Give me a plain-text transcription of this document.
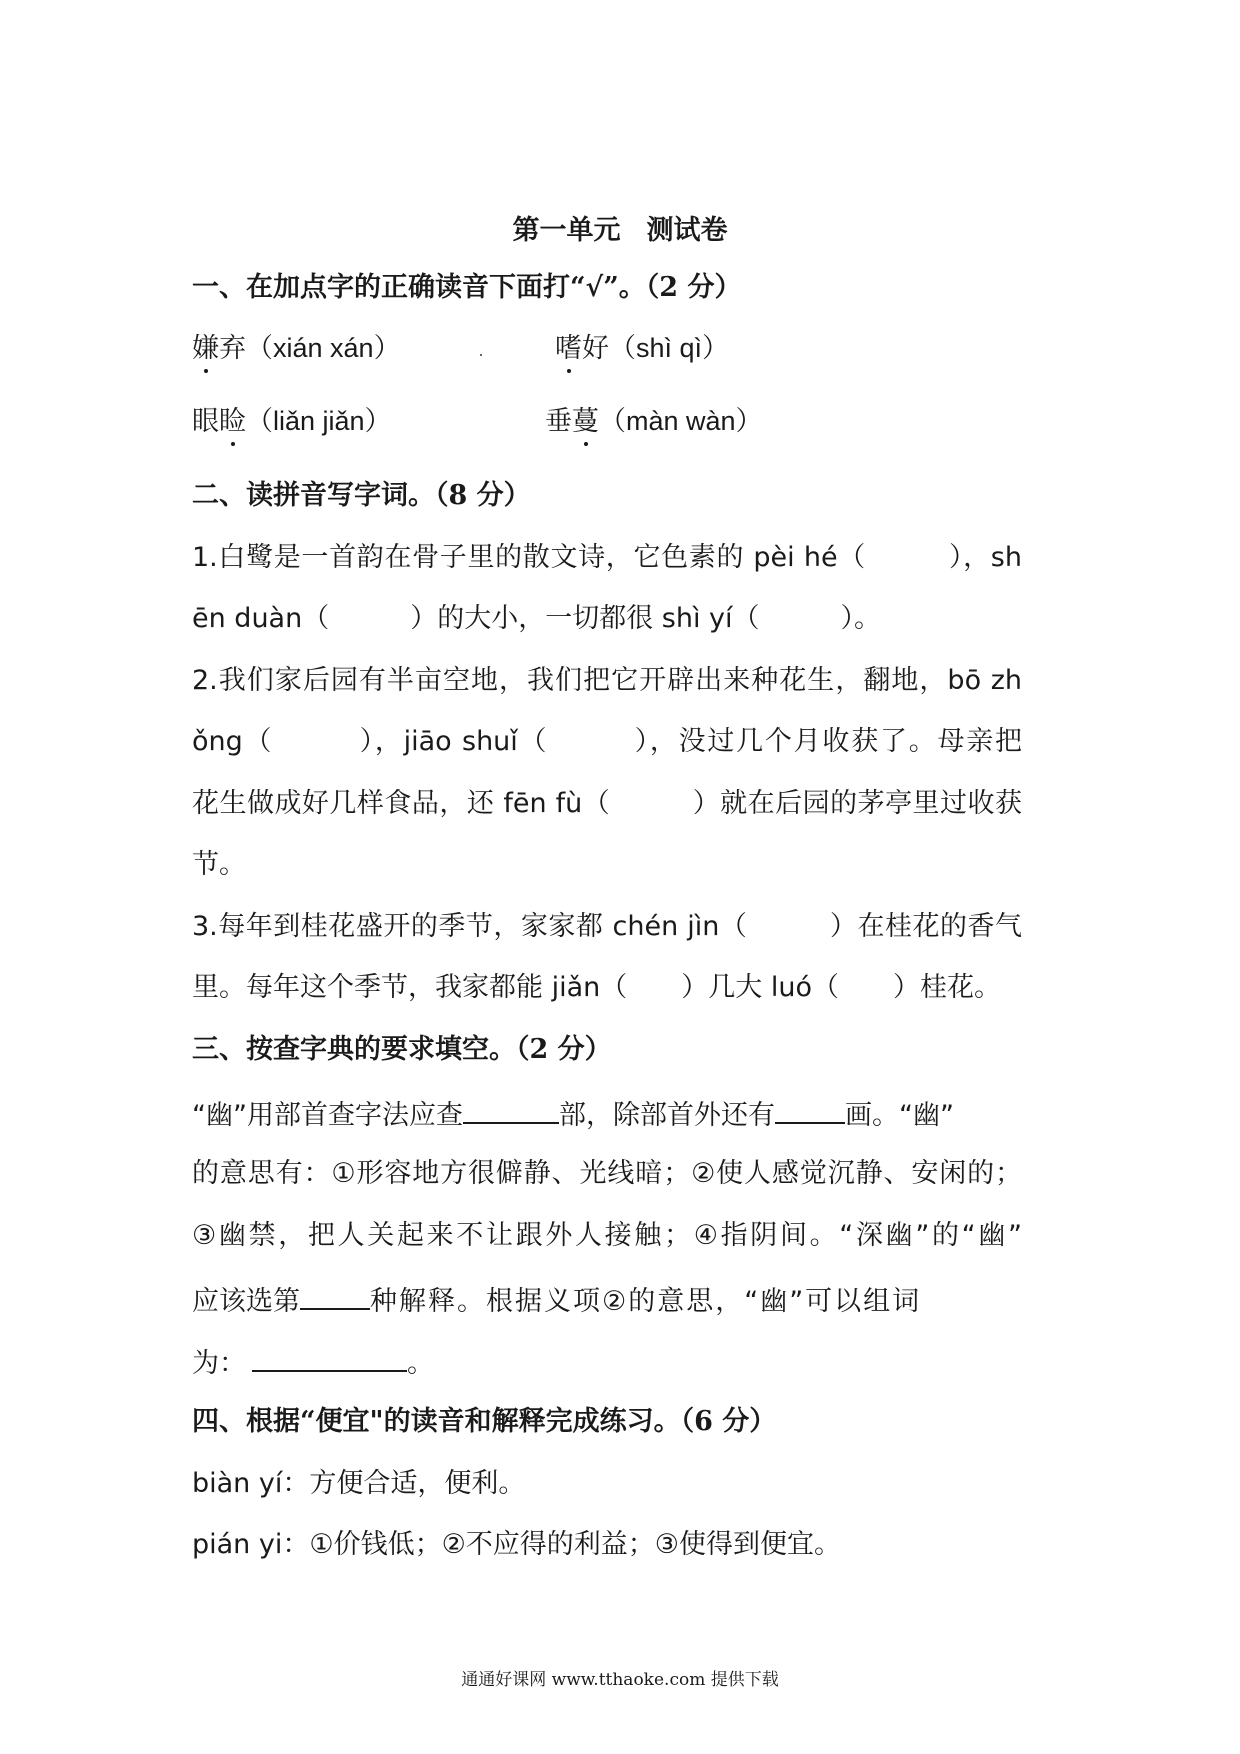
第一单元 测试卷
一、在加点字的正确读音下面打“√”。（2 分）
嫌弃（xián xán）	嗜好（shì qì）
眼睑（liǎn jiǎn）	垂蔓（màn wàn）
二、读拼音写字词。（8 分）
1.白鹭是一首韵在骨子里的散文诗，它色素的 pèi hé（　　　），sh
ēn duàn（　　　）的大小，一切都很 shì yí（　　　）。
2.我们家后园有半亩空地，我们把它开辟出来种花生，翻地，bō zh
ǒng（　　　），jiāo shuǐ（　　　），没过几个月收获了。母亲把
花生做成好几样食品，还 fēn fù（　　　）就在后园的茅亭里过收获
节。
3.每年到桂花盛开的季节，家家都 chén jìn（　　　）在桂花的香气
里。每年这个季节，我家都能 jiǎn（　　）几大 luó（　　）桂花。
三、按查字典的要求填空。（2 分）
“幽”用部首查字法应查	部，除部首外还有	画。“幽”
的意思有：①形容地方很僻静、光线暗；②使人感觉沉静、安闲的；
③幽禁，把人关起来不让跟外人接触；④指阴间。“深幽”的“幽”
应该选第	种解释。根据义项②的意思，“幽”可以组词
为：	。
四、根据“便宜"的读音和解释完成练习。（6 分）
biàn yí：方便合适，便利。
pián yi：①价钱低；②不应得的利益；③使得到便宜。
通通好课网 www.tthaoke.com 提供下载
